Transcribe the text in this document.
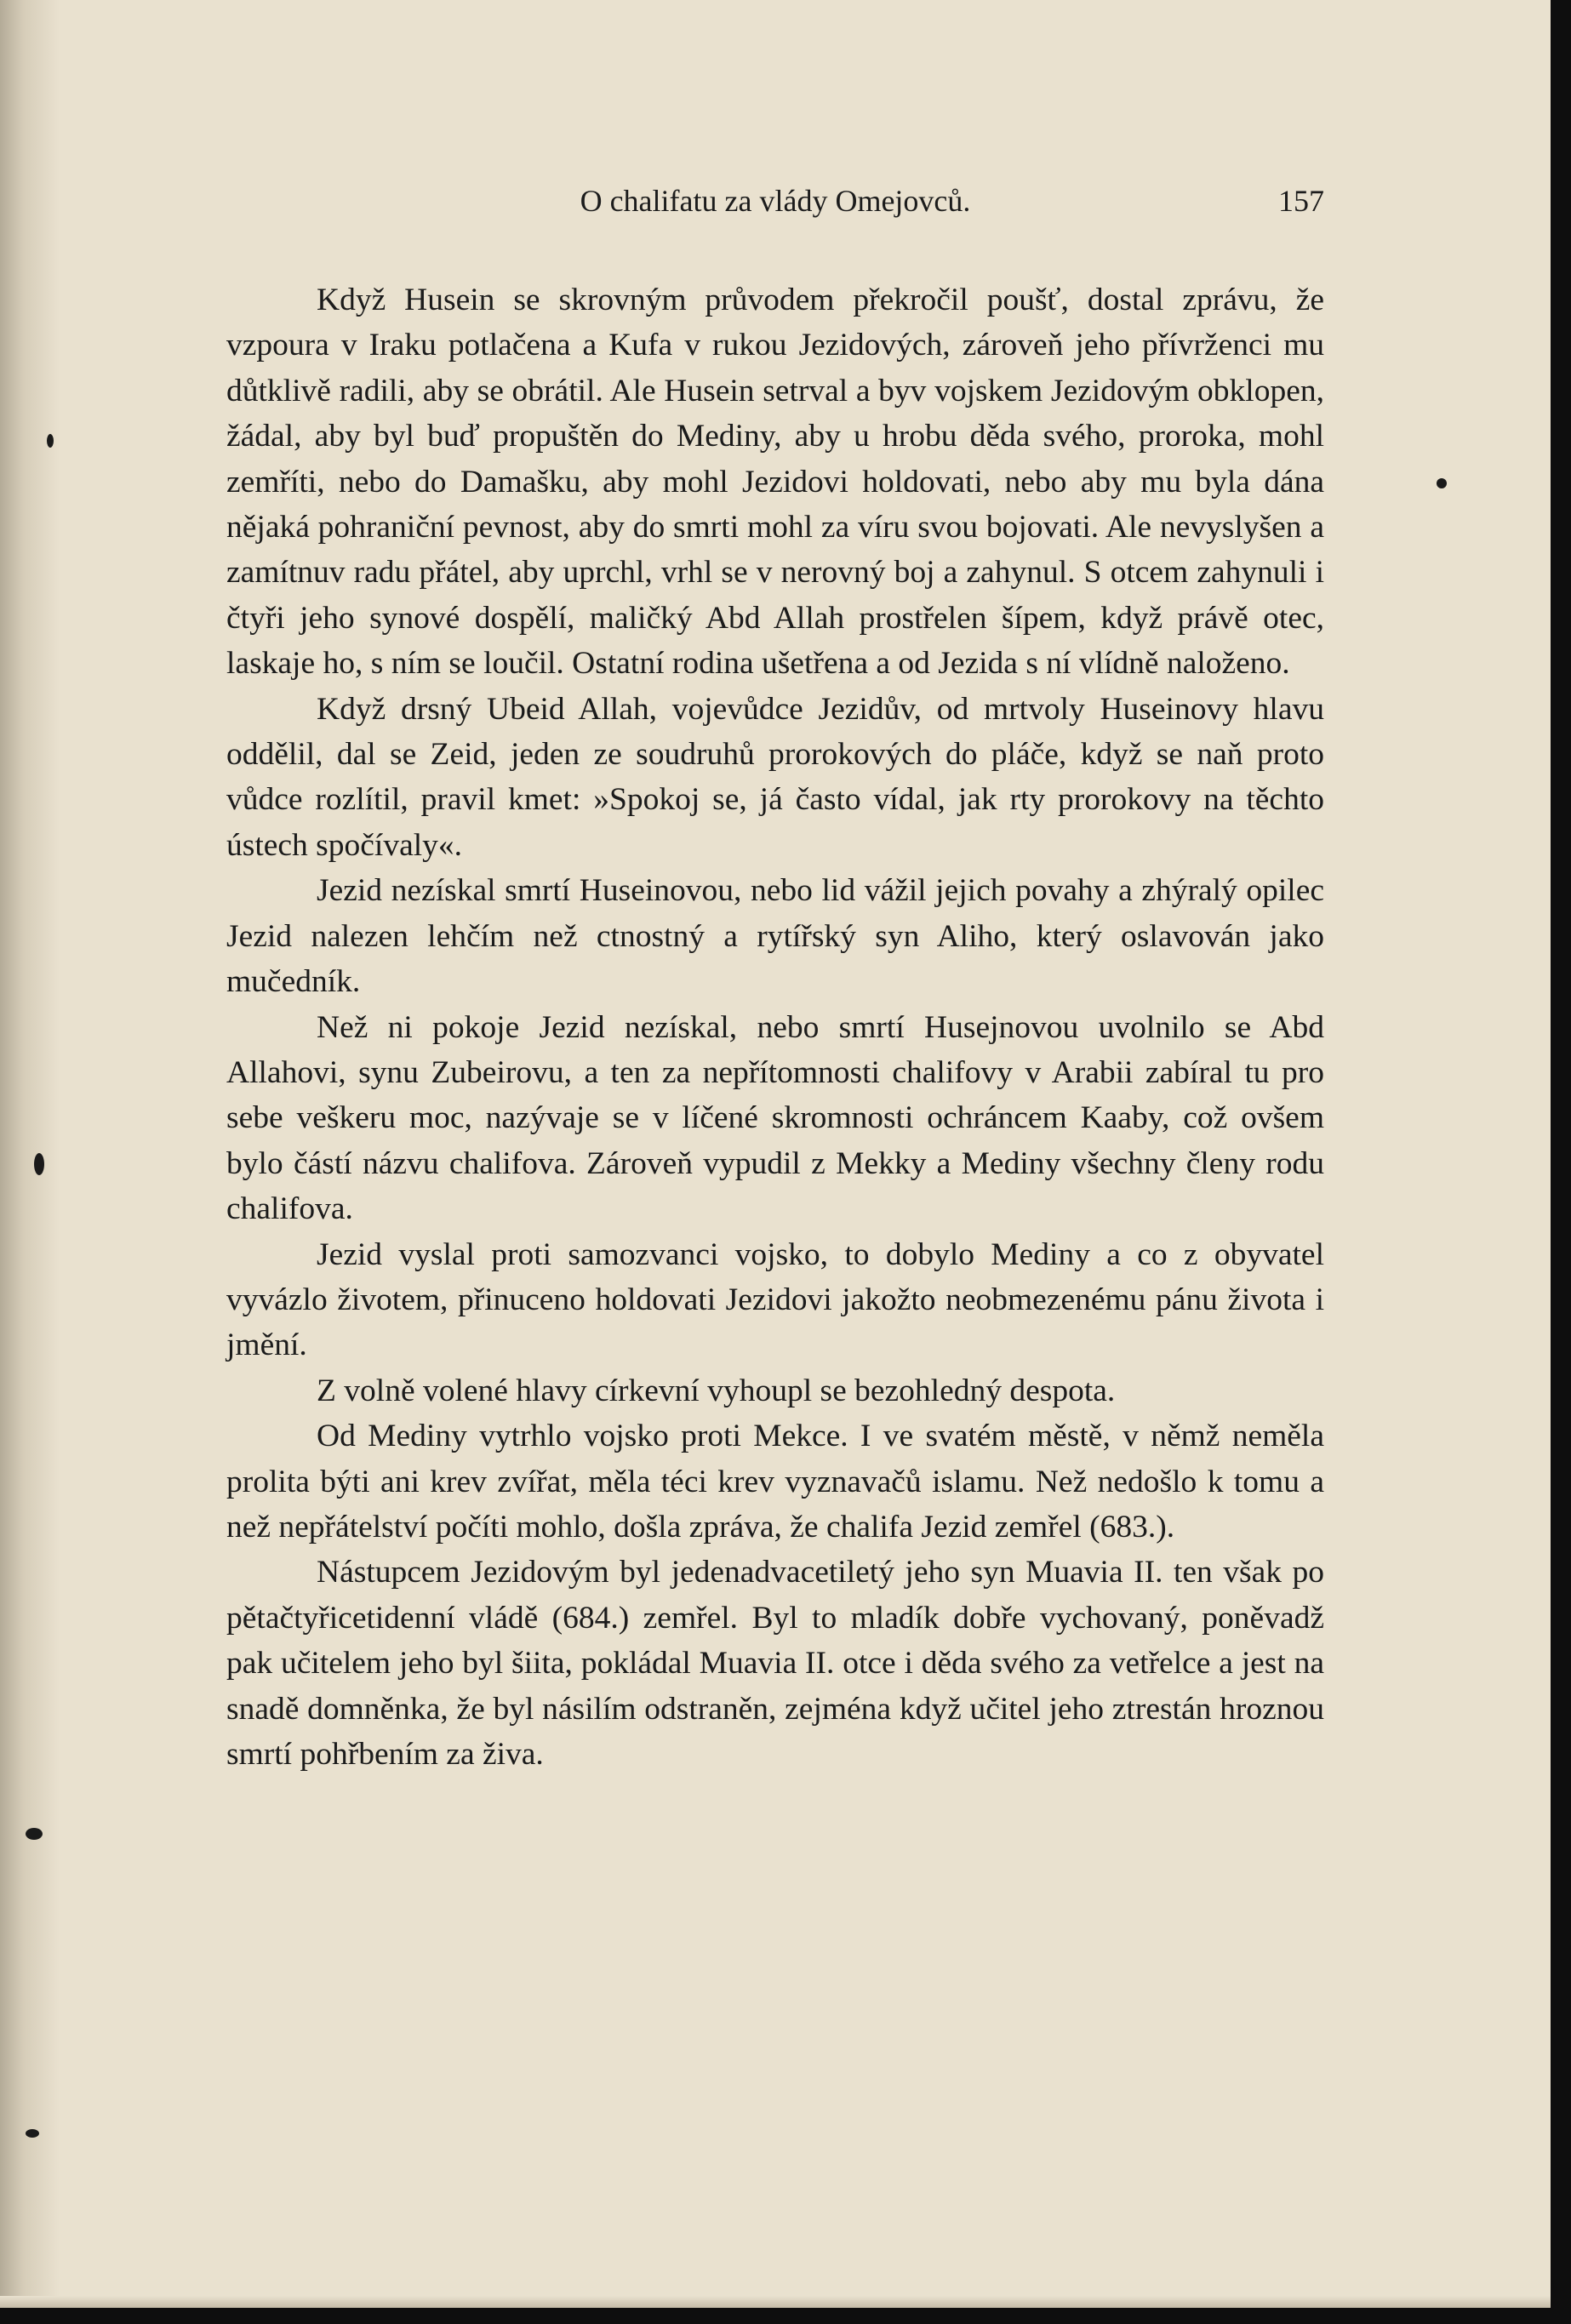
O chalifatu za vlády Omejovců.	157

Když Husein se skrovným průvodem překročil poušť, dostal zprávu, že vzpoura v Iraku potlačena a Kufa v rukou Jezidových, zároveň jeho přívrženci mu důtklivě radili, aby se obrátil. Ale Husein setrval a byv vojskem Jezidovým obklopen, žádal, aby byl buď propuštěn do Mediny, aby u hrobu děda svého, proroka, mohl zemříti, nebo do Damašku, aby mohl Jezidovi holdovati, nebo aby mu byla dána nějaká pohraniční pevnost, aby do smrti mohl za víru svou bojovati. Ale nevyslyšen a zamítnuv radu přátel, aby uprchl, vrhl se v nerovný boj a zahynul. S otcem zahynuli i čtyři jeho synové dospělí, maličký Abd Allah prostřelen šípem, když právě otec, laskaje ho, s ním se loučil. Ostatní rodina ušetřena a od Jezida s ní vlídně naloženo.

Když drsný Ubeid Allah, vojevůdce Jezidův, od mrtvoly Huseinovy hlavu oddělil, dal se Zeid, jeden ze soudruhů prorokových do pláče, když se naň proto vůdce rozlítil, pravil kmet: »Spokoj se, já často vídal, jak rty prorokovy na těchto ústech spočívaly«.

Jezid nezískal smrtí Huseinovou, nebo lid vážil jejich povahy a zhýralý opilec Jezid nalezen lehčím než ctnostný a rytířský syn Aliho, který oslavován jako mučedník.

Než ni pokoje Jezid nezískal, nebo smrtí Husejnovou uvolnilo se Abd Allahovi, synu Zubeirovu, a ten za nepřítomnosti chalifovy v Arabii zabíral tu pro sebe veškeru moc, nazývaje se v líčené skromnosti ochráncem Kaaby, což ovšem bylo částí názvu chalifova. Zároveň vypudil z Mekky a Mediny všechny členy rodu chalifova.

Jezid vyslal proti samozvanci vojsko, to dobylo Mediny a co z obyvatel vyvázlo životem, přinuceno holdovati Jezidovi jakožto neobmezenému pánu života i jmění.

Z volně volené hlavy církevní vyhoupl se bezohledný despota.

Od Mediny vytrhlo vojsko proti Mekce. I ve svatém městě, v němž neměla prolita býti ani krev zvířat, měla téci krev vyznavačů islamu. Než nedošlo k tomu a než nepřátelství počíti mohlo, došla zpráva, že chalifa Jezid zemřel (683.).

Nástupcem Jezidovým byl jedenadvacetiletý jeho syn Muavia II. ten však po pětačtyřicetidenní vládě (684.) zemřel. Byl to mladík dobře vychovaný, poněvadž pak učitelem jeho byl šiita, pokládal Muavia II. otce i děda svého za vetřelce a jest na snadě domněnka, že byl násilím odstraněn, zejména když učitel jeho ztrestán hroznou smrtí pohřbením za živa.
